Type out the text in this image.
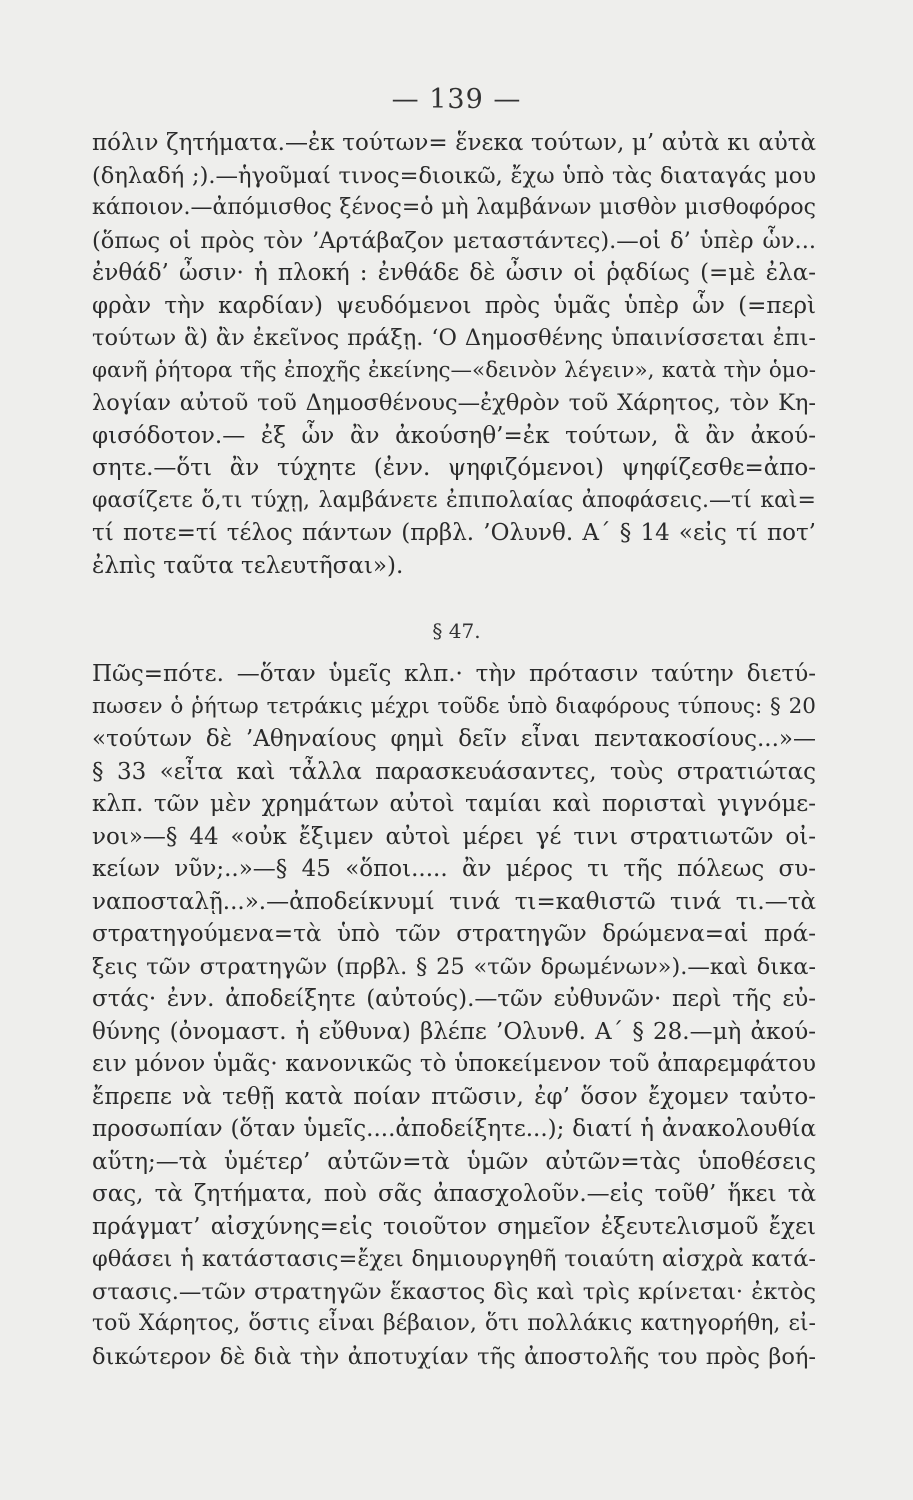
— 139 —
πόλιν ζητήματα.—ἐκ τούτων= ἕνεκα τούτων, μ’ αὐτὰ κι αὐτὰ
(δηλαδή ;).—ἡγοῦμαί τινος=διοικῶ, ἔχω ὑπὸ τὰς διαταγάς μου
κάποιον.—ἀπόμισθος ξένος=ὁ μὴ λαμβάνων μισθὸν μισθοφόρος
(ὅπως οἱ πρὸς τὸν ’Αρτάβαζον μεταστάντες).—οἱ δ’ ὑπὲρ ὧν...
ἐνθάδ’ ὦσιν· ἡ πλοκή : ἐνθάδε δὲ ὦσιν οἱ ῥᾳδίως (=μὲ ἐλα-
φρὰν τὴν καρδίαν) ψευδόμενοι πρὸς ὑμᾶς ὑπὲρ ὧν (=περὶ
τούτων ἃ) ἂν ἐκεῖνος πράξῃ. ‘Ο Δημοσθένης ὑπαινίσσεται ἐπι-
φανῆ ῥήτορα τῆς ἐποχῆς ἐκείνης—«δεινὸν λέγειν», κατὰ τὴν ὁμο-
λογίαν αὐτοῦ τοῦ Δημοσθένους—ἐχθρὸν τοῦ Χάρητος, τὸν Κη-
φισόδοτον.— ἐξ ὧν ἂν ἀκούσηθ’=ἐκ τούτων, ἃ ἂν ἀκού-
σητε.—ὅτι ἂν τύχητε (ἐνν. ψηφιζόμενοι) ψηφίζεσθε=ἀπο-
φασίζετε ὅ,τι τύχῃ, λαμβάνετε ἐπιπολαίας ἀποφάσεις.—τί καὶ=
τί ποτε=τί τέλος πάντων (πρβλ. ’Ολυνθ. Α΄ § 14 «εἰς τί ποτ’
ἐλπὶς ταῦτα τελευτῆσαι»).
§ 47.
Πῶς=πότε. —ὅταν ὑμεῖς κλπ.· τὴν πρότασιν ταύτην διετύ-
πωσεν ὁ ῥήτωρ τετράκις μέχρι τοῦδε ὑπὸ διαφόρους τύπους: § 20
«τούτων δὲ ’Αθηναίους φημὶ δεῖν εἶναι πεντακοσίους...»—
§ 33 «εἶτα καὶ τἆλλα παρασκευάσαντες, τοὺς στρατιώτας
κλπ. τῶν μὲν χρημάτων αὐτοὶ ταμίαι καὶ πορισταὶ γιγνόμε-
νοι»—§ 44 «οὐκ ἔξιμεν αὐτοὶ μέρει γέ τινι στρατιωτῶν οἰ-
κείων νῦν;..»—§ 45 «ὅποι..... ἂν μέρος τι τῆς πόλεως συ-
ναποσταλῇ...».—ἀποδείκνυμί τινά τι=καθιστῶ τινά τι.—τὰ
στρατηγούμενα=τὰ ὑπὸ τῶν στρατηγῶν δρώμενα=αἱ πρά-
ξεις τῶν στρατηγῶν (πρβλ. § 25 «τῶν δρωμένων»).—καὶ δικα-
στάς· ἐνν. ἀποδείξητε (αὐτούς).—τῶν εὐθυνῶν· περὶ τῆς εὐ-
θύνης (ὀνομαστ. ἡ εὔθυνα) βλέπε ’Ολυνθ. Α΄ § 28.—μὴ ἀκού-
ειν μόνον ὑμᾶς· κανονικῶς τὸ ὑποκείμενον τοῦ ἀπαρεμφάτου
ἔπρεπε νὰ τεθῇ κατὰ ποίαν πτῶσιν, ἐφ’ ὅσον ἔχομεν ταὐτο-
προσωπίαν (ὅταν ὑμεῖς....ἀποδείξητε...); διατί ἡ ἀνακολουθία
αὕτη;—τὰ ὑμέτερ’ αὐτῶν=τὰ ὑμῶν αὐτῶν=τὰς ὑποθέσεις
σας, τὰ ζητήματα, ποὺ σᾶς ἀπασχολοῦν.—εἰς τοῦθ’ ἥκει τὰ
πράγματ’ αἰσχύνης=εἰς τοιοῦτον σημεῖον ἐξευτελισμοῦ ἔχει
φθάσει ἡ κατάστασις=ἔχει δημιουργηθῆ τοιαύτη αἰσχρὰ κατά-
στασις.—τῶν στρατηγῶν ἕκαστος δὶς καὶ τρὶς κρίνεται· ἐκτὸς
τοῦ Χάρητος, ὅστις εἶναι βέβαιον, ὅτι πολλάκις κατηγορήθη, εἰ-
δικώτερον δὲ διὰ τὴν ἀποτυχίαν τῆς ἀποστολῆς του πρὸς βοή-
